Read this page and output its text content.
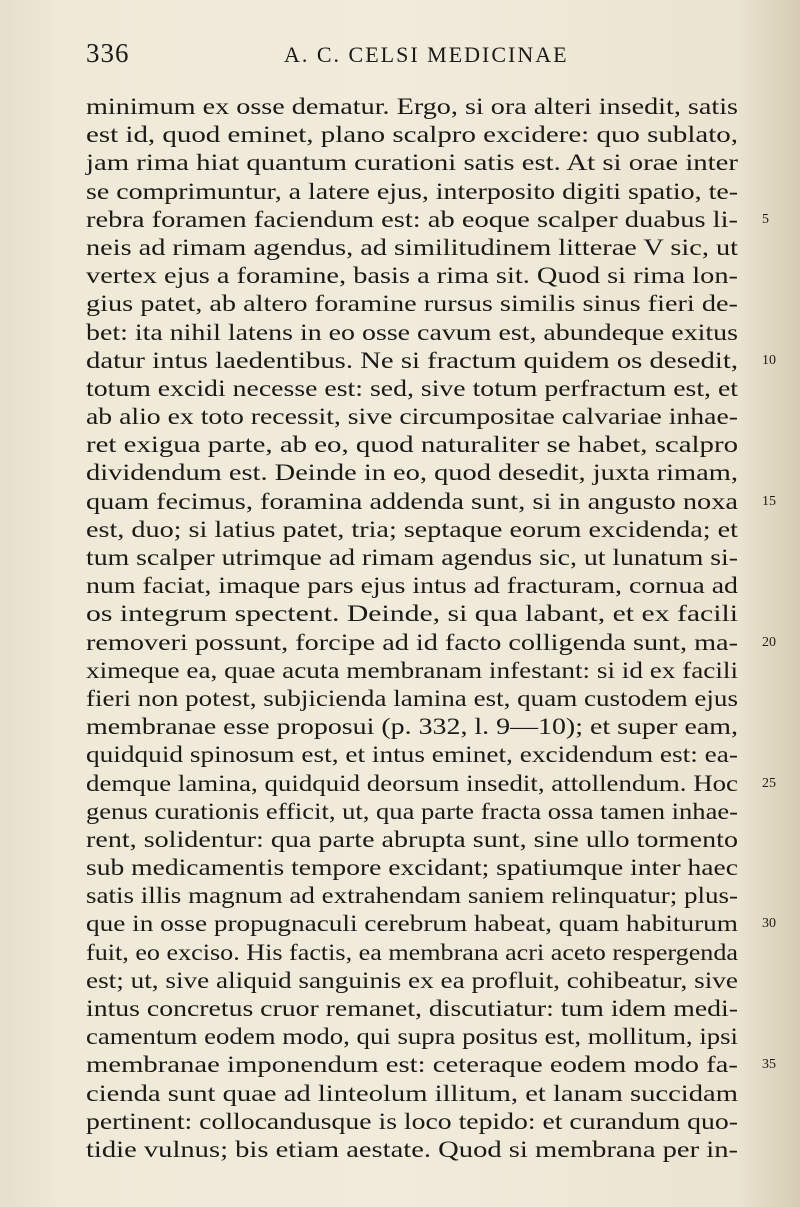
336	A. C. CELSI MEDICINAE
minimum ex osse dematur. Ergo, si ora alteri insedit, satis
est id, quod eminet, plano scalpro excidere: quo sublato,
jam rima hiat quantum curationi satis est. At si orae inter
se comprimuntur, a latere ejus, interposito digiti spatio, te-
rebra foramen faciendum est: ab eoque scalper duabus li- 5
neis ad rimam agendus, ad similitudinem litterae V sic, ut
vertex ejus a foramine, basis a rima sit. Quod si rima lon-
gius patet, ab altero foramine rursus similis sinus fieri de-
bet: ita nihil latens in eo osse cavum est, abundeque exitus
datur intus laedentibus. Ne si fractum quidem os desedit, 10
totum excidi necesse est: sed, sive totum perfractum est, et
ab alio ex toto recessit, sive circumpositae calvariae inhae-
ret exigua parte, ab eo, quod naturaliter se habet, scalpro
dividendum est. Deinde in eo, quod desedit, juxta rimam,
quam fecimus, foramina addenda sunt, si in angusto noxa 15
est, duo; si latius patet, tria; septaque eorum excidenda; et
tum scalper utrimque ad rimam agendus sic, ut lunatum si-
num faciat, imaque pars ejus intus ad fracturam, cornua ad
os integrum spectent. Deinde, si qua labant, et ex facili
removeri possunt, forcipe ad id facto colligenda sunt, ma- 20
ximeque ea, quae acuta membranam infestant: si id ex facili
fieri non potest, subjicienda lamina est, quam custodem ejus
membranae esse proposui (p. 332, l. 9—10); et super eam,
quidquid spinosum est, et intus eminet, excidendum est: ea-
demque lamina, quidquid deorsum insedit, attollendum. Hoc 25
genus curationis efficit, ut, qua parte fracta ossa tamen inhae-
rent, solidentur: qua parte abrupta sunt, sine ullo tormento
sub medicamentis tempore excidant; spatiumque inter haec
satis illis magnum ad extrahendam saniem relinquatur; plus-
que in osse propugnaculi cerebrum habeat, quam habiturum 30
fuit, eo exciso. His factis, ea membrana acri aceto respergenda
est; ut, sive aliquid sanguinis ex ea profluit, cohibeatur, sive
intus concretus cruor remanet, discutiatur: tum idem medi-
camentum eodem modo, qui supra positus est, mollitum, ipsi
membranae imponendum est: ceteraque eodem modo fa- 35
cienda sunt quae ad linteolum illitum, et lanam succidam
pertinent: collocandusque is loco tepido: et curandum quo-
tidie vulnus; bis etiam aestate. Quod si membrana per in-
